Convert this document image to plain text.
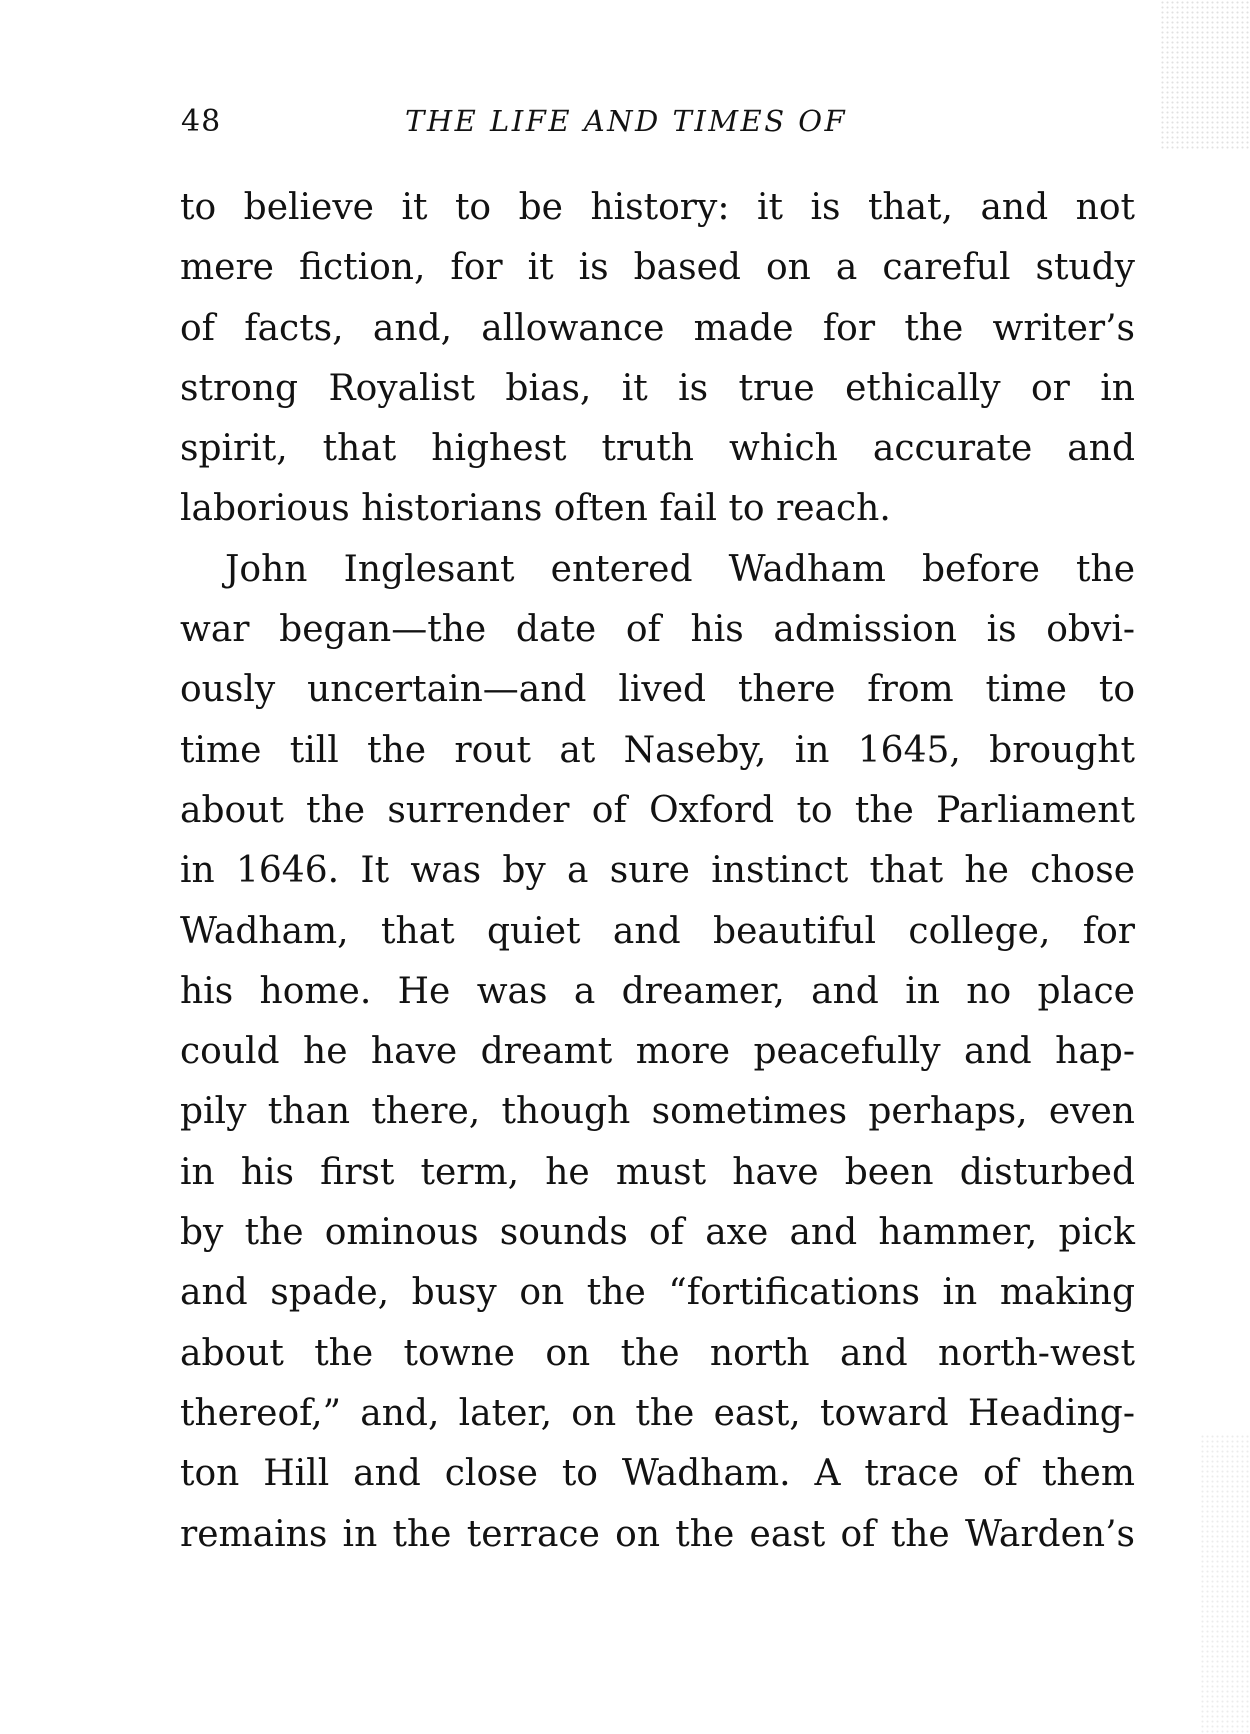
48	THE LIFE AND TIMES OF
to believe it to be history: it is that, and not
mere fiction, for it is based on a careful study
of facts, and, allowance made for the writer’s
strong Royalist bias, it is true ethically or in
spirit, that highest truth which accurate and
laborious historians often fail to reach.
John Inglesant entered Wadham before the
war began—the date of his admission is obvi-
ously uncertain—and lived there from time to
time till the rout at Naseby, in 1645, brought
about the surrender of Oxford to the Parliament
in 1646. It was by a sure instinct that he chose
Wadham, that quiet and beautiful college, for
his home. He was a dreamer, and in no place
could he have dreamt more peacefully and hap-
pily than there, though sometimes perhaps, even
in his first term, he must have been disturbed
by the ominous sounds of axe and hammer, pick
and spade, busy on the “fortifications in making
about the towne on the north and north-west
thereof,” and, later, on the east, toward Heading-
ton Hill and close to Wadham. A trace of them
remains in the terrace on the east of the Warden’s
